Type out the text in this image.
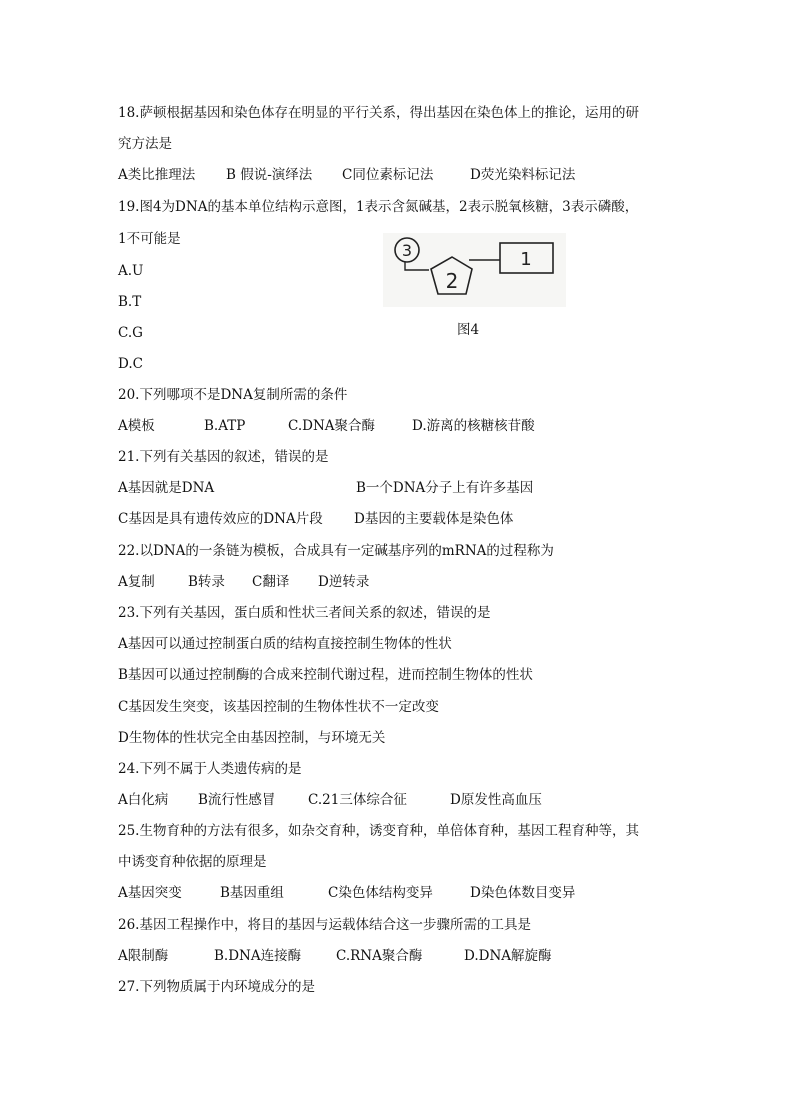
18.萨顿根据基因和染色体存在明显的平行关系，得出基因在染色体上的推论，运用的研
究方法是
A类比推理法	B 假说-演绎法	C同位素标记法	D荧光染料标记法
19.图4为DNA的基本单位结构示意图，1表示含氮碱基，2表示脱氧核糖，3表示磷酸，
1不可能是
A.U
B.T
C.G
D.C
3
2
1
图4
20.下列哪项不是DNA复制所需的条件
A模板	B.ATP	C.DNA聚合酶	D.游离的核糖核苷酸
21.下列有关基因的叙述，错误的是
A基因就是DNA	B一个DNA分子上有许多基因
C基因是具有遗传效应的DNA片段	D基因的主要载体是染色体
22.以DNA的一条链为模板，合成具有一定碱基序列的mRNA的过程称为
A复制	B转录	C翻译	D逆转录
23.下列有关基因，蛋白质和性状三者间关系的叙述，错误的是
A基因可以通过控制蛋白质的结构直接控制生物体的性状
B基因可以通过控制酶的合成来控制代谢过程，进而控制生物体的性状
C基因发生突变，该基因控制的生物体性状不一定改变
D生物体的性状完全由基因控制，与环境无关
24.下列不属于人类遗传病的是
A白化病	B流行性感冒	C.21三体综合征	D原发性高血压
25.生物育种的方法有很多，如杂交育种，诱变育种，单倍体育种，基因工程育种等，其
中诱变育种依据的原理是
A基因突变	B基因重组	C染色体结构变异	D染色体数目变异
26.基因工程操作中，将目的基因与运载体结合这一步骤所需的工具是
A限制酶	B.DNA连接酶	C.RNA聚合酶	D.DNA解旋酶
27.下列物质属于内环境成分的是
